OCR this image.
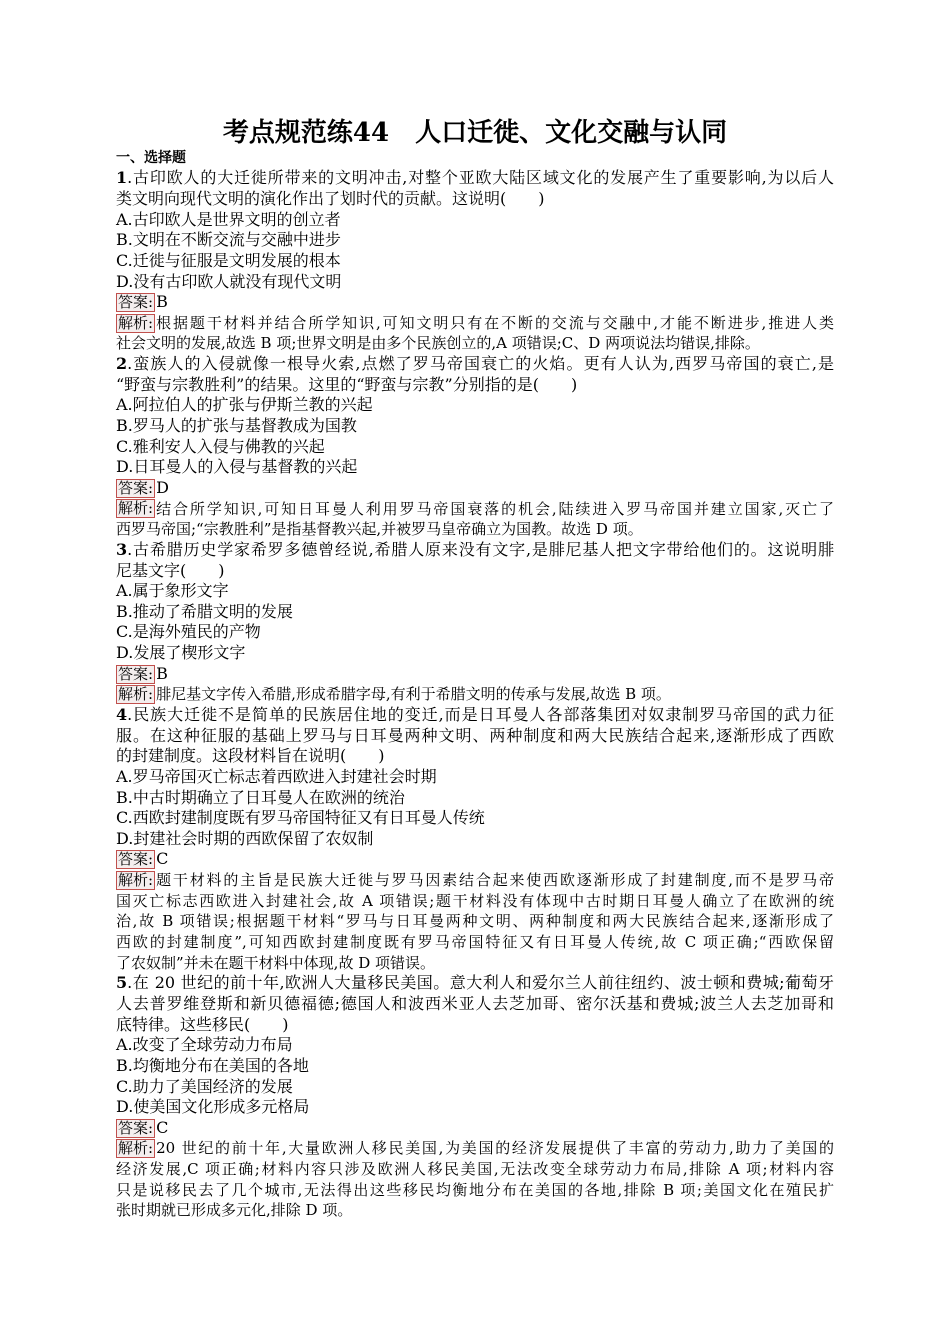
考点规范练44　人口迁徙、文化交融与认同
一、选择题
1.古印欧人的大迁徙所带来的文明冲击,对整个亚欧大陆区域文化的发展产生了重要影响,为以后人
类文明向现代文明的演化作出了划时代的贡献。这说明(　　)
A.古印欧人是世界文明的创立者
B.文明在不断交流与交融中进步
C.迁徙与征服是文明发展的根本
D.没有古印欧人就没有现代文明
答案: B
解析: 根据题干材料并结合所学知识,可知文明只有在不断的交流与交融中,才能不断进步,推进人类
社会文明的发展,故选 B 项;世界文明是由多个民族创立的,A 项错误;C、D 两项说法均错误,排除。
2.蛮族人的入侵就像一根导火索,点燃了罗马帝国衰亡的火焰。更有人认为,西罗马帝国的衰亡,是
“野蛮与宗教胜利”的结果。这里的“野蛮与宗教”分别指的是(　　)
A.阿拉伯人的扩张与伊斯兰教的兴起
B.罗马人的扩张与基督教成为国教
C.雅利安人入侵与佛教的兴起
D.日耳曼人的入侵与基督教的兴起
答案: D
解析: 结合所学知识,可知日耳曼人利用罗马帝国衰落的机会,陆续进入罗马帝国并建立国家,灭亡了
西罗马帝国;“宗教胜利”是指基督教兴起,并被罗马皇帝确立为国教。故选 D 项。
3.古希腊历史学家希罗多德曾经说,希腊人原来没有文字,是腓尼基人把文字带给他们的。这说明腓
尼基文字(　　)
A.属于象形文字
B.推动了希腊文明的发展
C.是海外殖民的产物
D.发展了楔形文字
答案: B
解析: 腓尼基文字传入希腊,形成希腊字母,有利于希腊文明的传承与发展,故选 B 项。
4.民族大迁徙不是简单的民族居住地的变迁,而是日耳曼人各部落集团对奴隶制罗马帝国的武力征
服。在这种征服的基础上罗马与日耳曼两种文明、两种制度和两大民族结合起来,逐渐形成了西欧
的封建制度。这段材料旨在说明(　　)
A.罗马帝国灭亡标志着西欧进入封建社会时期
B.中古时期确立了日耳曼人在欧洲的统治
C.西欧封建制度既有罗马帝国特征又有日耳曼人传统
D.封建社会时期的西欧保留了农奴制
答案: C
解析: 题干材料的主旨是民族大迁徙与罗马因素结合起来使西欧逐渐形成了封建制度,而不是罗马帝
国灭亡标志西欧进入封建社会,故 A 项错误;题干材料没有体现中古时期日耳曼人确立了在欧洲的统
治,故 B 项错误;根据题干材料“罗马与日耳曼两种文明、两种制度和两大民族结合起来,逐渐形成了
西欧的封建制度”,可知西欧封建制度既有罗马帝国特征又有日耳曼人传统,故 C 项正确;“西欧保留
了农奴制”并未在题干材料中体现,故 D 项错误。
5.在 20 世纪的前十年,欧洲人大量移民美国。意大利人和爱尔兰人前往纽约、波士顿和费城;葡萄牙
人去普罗维登斯和新贝德福德;德国人和波西米亚人去芝加哥、密尔沃基和费城;波兰人去芝加哥和
底特律。这些移民(　　)
A.改变了全球劳动力布局
B.均衡地分布在美国的各地
C.助力了美国经济的发展
D.使美国文化形成多元格局
答案: C
解析: 20 世纪的前十年,大量欧洲人移民美国,为美国的经济发展提供了丰富的劳动力,助力了美国的
经济发展,C 项正确;材料内容只涉及欧洲人移民美国,无法改变全球劳动力布局,排除 A 项;材料内容
只是说移民去了几个城市,无法得出这些移民均衡地分布在美国的各地,排除 B 项;美国文化在殖民扩
张时期就已形成多元化,排除 D 项。
